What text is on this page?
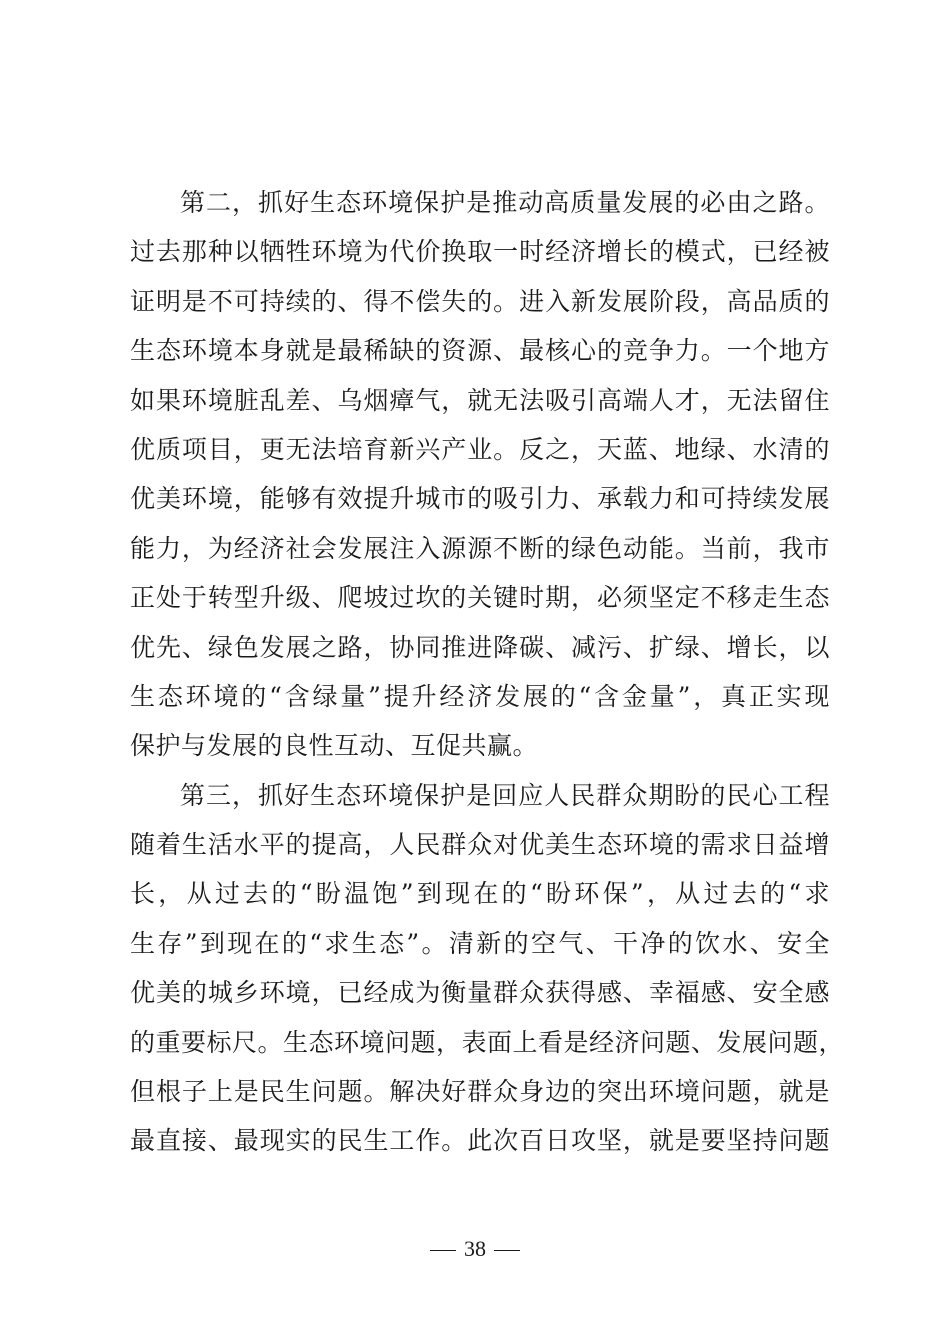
第二，抓好生态环境保护是推动高质量发展的必由之路。
过去那种以牺牲环境为代价换取一时经济增长的模式，已经被
证明是不可持续的、得不偿失的。进入新发展阶段，高品质的
生态环境本身就是最稀缺的资源、最核心的竞争力。一个地方
如果环境脏乱差、乌烟瘴气，就无法吸引高端人才，无法留住
优质项目，更无法培育新兴产业。反之，天蓝、地绿、水清的
优美环境，能够有效提升城市的吸引力、承载力和可持续发展
能力，为经济社会发展注入源源不断的绿色动能。当前，我市
正处于转型升级、爬坡过坎的关键时期，必须坚定不移走生态
优先、绿色发展之路，协同推进降碳、减污、扩绿、增长，以
生态环境的“含绿量”提升经济发展的“含金量”，真正实现
保护与发展的良性互动、互促共赢。
第三，抓好生态环境保护是回应人民群众期盼的民心工程
随着生活水平的提高，人民群众对优美生态环境的需求日益增
长，从过去的“盼温饱”到现在的“盼环保”，从过去的“求
生存”到现在的“求生态”。清新的空气、干净的饮水、安全
优美的城乡环境，已经成为衡量群众获得感、幸福感、安全感
的重要标尺。生态环境问题，表面上看是经济问题、发展问题，
但根子上是民生问题。解决好群众身边的突出环境问题，就是
最直接、最现实的民生工作。此次百日攻坚，就是要坚持问题
38
